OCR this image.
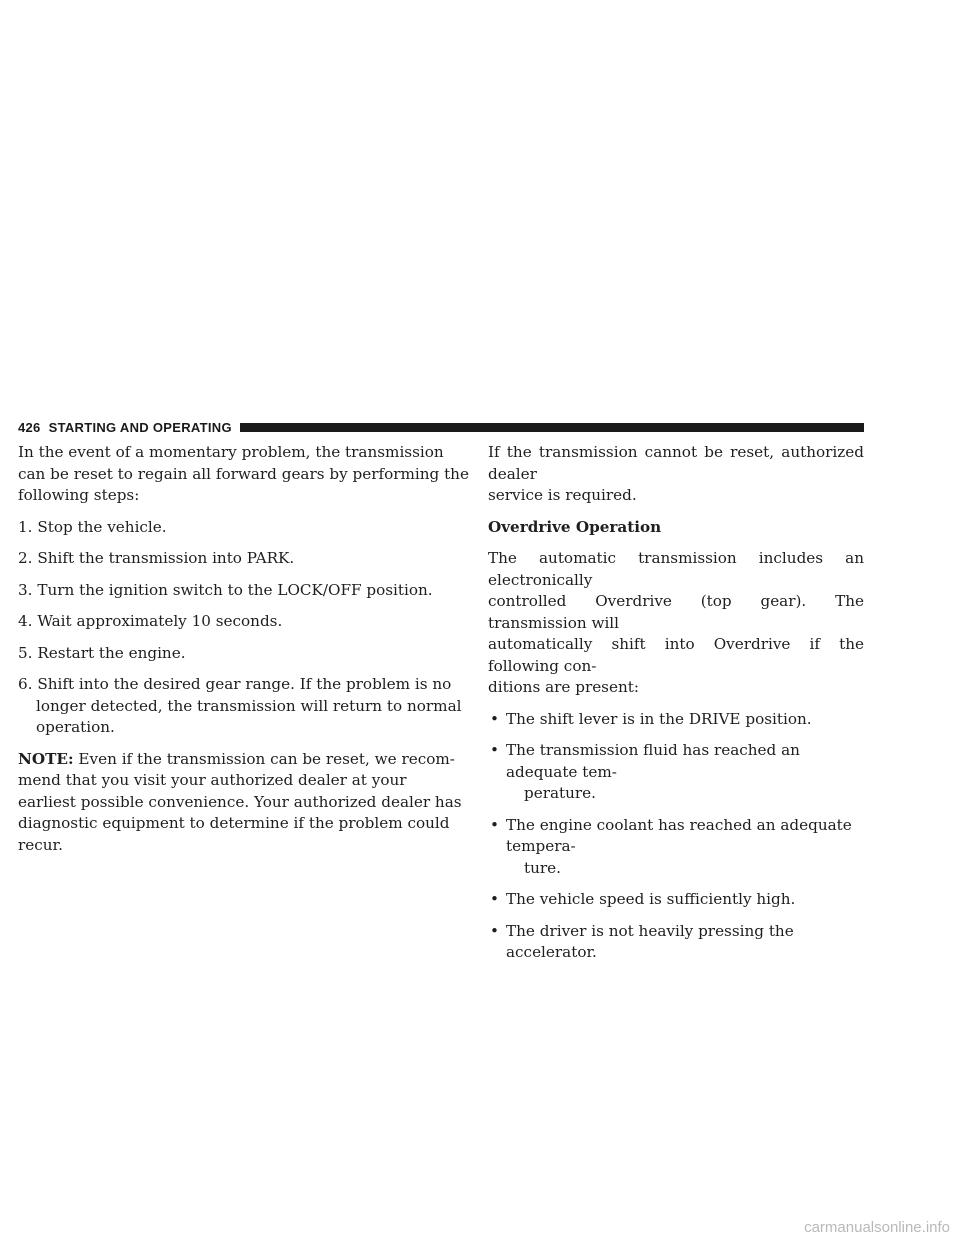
426 STARTING AND OPERATING

In the event of a momentary problem, the transmission
can be reset to regain all forward gears by performing the
following steps:

1. Stop the vehicle.

2. Shift the transmission into PARK.

3. Turn the ignition switch to the LOCK/OFF position.

4. Wait approximately 10 seconds.

5. Restart the engine.

6. Shift into the desired gear range. If the problem is no
longer detected, the transmission will return to normal
operation.

NOTE: Even if the transmission can be reset, we recom-
mend that you visit your authorized dealer at your
earliest possible convenience. Your authorized dealer has
diagnostic equipment to determine if the problem could
recur.

If the transmission cannot be reset, authorized dealer
service is required.

Overdrive Operation

The automatic transmission includes an electronically
controlled Overdrive (top gear). The transmission will
automatically shift into Overdrive if the following con-
ditions are present:

• The shift lever is in the DRIVE position.
• The transmission fluid has reached an adequate tem-
perature.
• The engine coolant has reached an adequate tempera-
ture.
• The vehicle speed is sufficiently high.
• The driver is not heavily pressing the accelerator.
carmanualsonline.info
